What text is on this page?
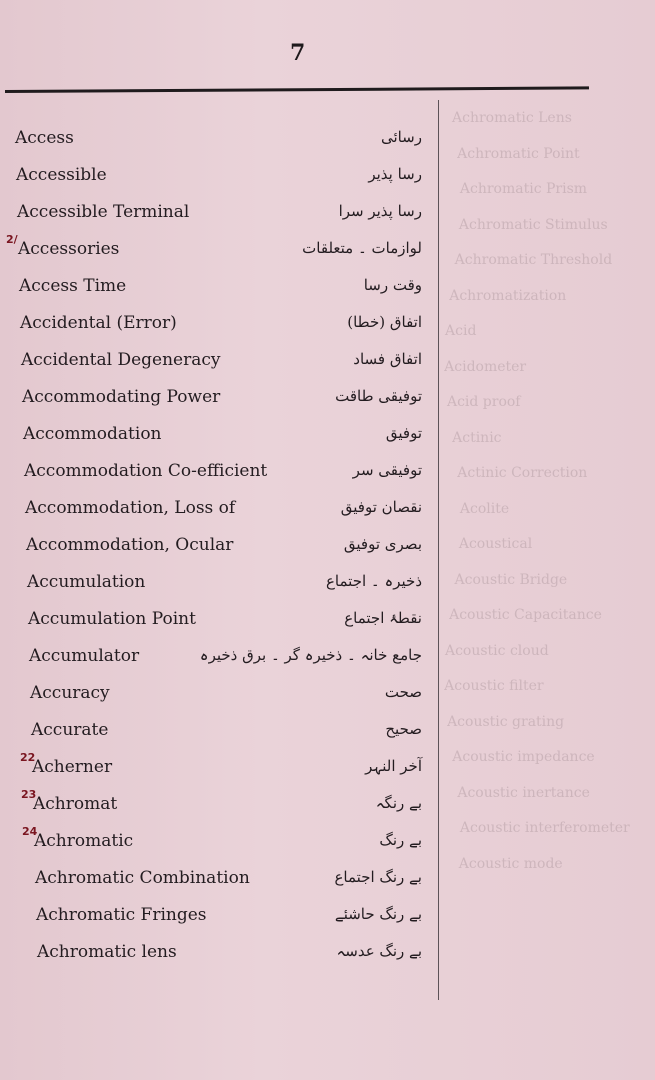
7
Achromatic Lens
Achromatic Point
Achromatic Prism
Achromatic Stimulus
Achromatic Threshold
Achromatization
Acid
Acidometer
Acid proof
Actinic
Actinic Correction
Acolite
Acoustical
Acoustic Bridge
Acoustic Capacitance
Acoustic cloud
Acoustic filter
Acoustic grating
Acoustic impedance
Acoustic inertance
Acoustic interferometer
Acoustic mode
Access	رسائی
Accessible	رسا پذیر
Accessible Terminal	رسا پذیر سرا
Accessories	لوازمات ۔ متعلقات
2/
Access Time	وقت رسا
Accidental (Error)	اتفاق (خطا)
Accidental Degeneracy	اتفاق فساد
Accommodating Power	توفیقی طاقت
Accommodation	توفیق
Accommodation Co-efficient	توفیقی سر
Accommodation, Loss of	نقصان توفیق
Accommodation, Ocular	بصری توفیق
Accumulation	ذخیرہ ۔ اجتماع
Accumulation Point	نقطۂ اجتماع
Accumulator	جامع خانہ ۔ ذخیرہ گر ۔ برق ذخیرہ
Accuracy	صحت
Accurate	صحیح
Acherner	آخر النہر
22
Achromat	بے رنگہ
23
Achromatic	بے رنگ
24
Achromatic Combination	بے رنگ اجتماع
Achromatic Fringes	بے رنگ حاشئے
Achromatic lens	بے رنگ عدسہ
